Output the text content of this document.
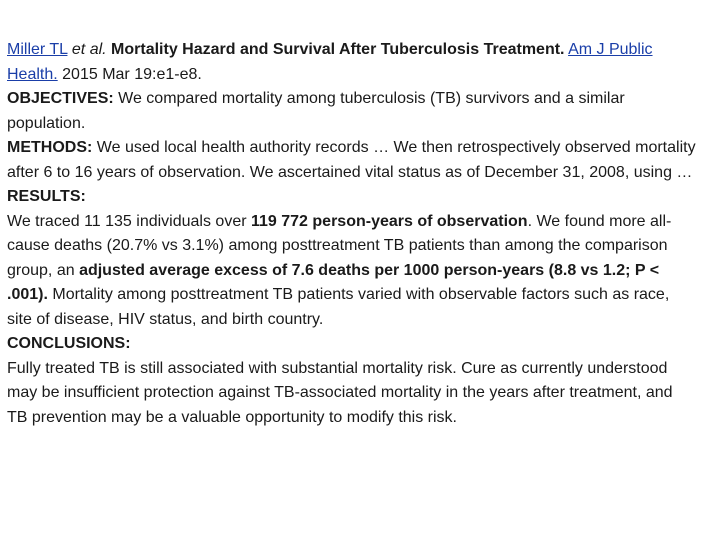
Miller TL et al. Mortality Hazard and Survival After Tuberculosis Treatment. Am J Public Health. 2015 Mar 19:e1-e8.

OBJECTIVES: We compared mortality among tuberculosis (TB) survivors and a similar population.

METHODS: We used local health authority records … We then retrospectively observed mortality after 6 to 16 years of observation. We ascertained vital status as of December 31, 2008, using …

RESULTS:

We traced 11 135 individuals over 119 772 person-years of observation. We found more all-cause deaths (20.7% vs 3.1%) among posttreatment TB patients than among the comparison group, an adjusted average excess of 7.6 deaths per 1000 person-years (8.8 vs 1.2; P < .001). Mortality among posttreatment TB patients varied with observable factors such as race, site of disease, HIV status, and birth country.

CONCLUSIONS:

Fully treated TB is still associated with substantial mortality risk. Cure as currently understood may be insufficient protection against TB-associated mortality in the years after treatment, and TB prevention may be a valuable opportunity to modify this risk.
